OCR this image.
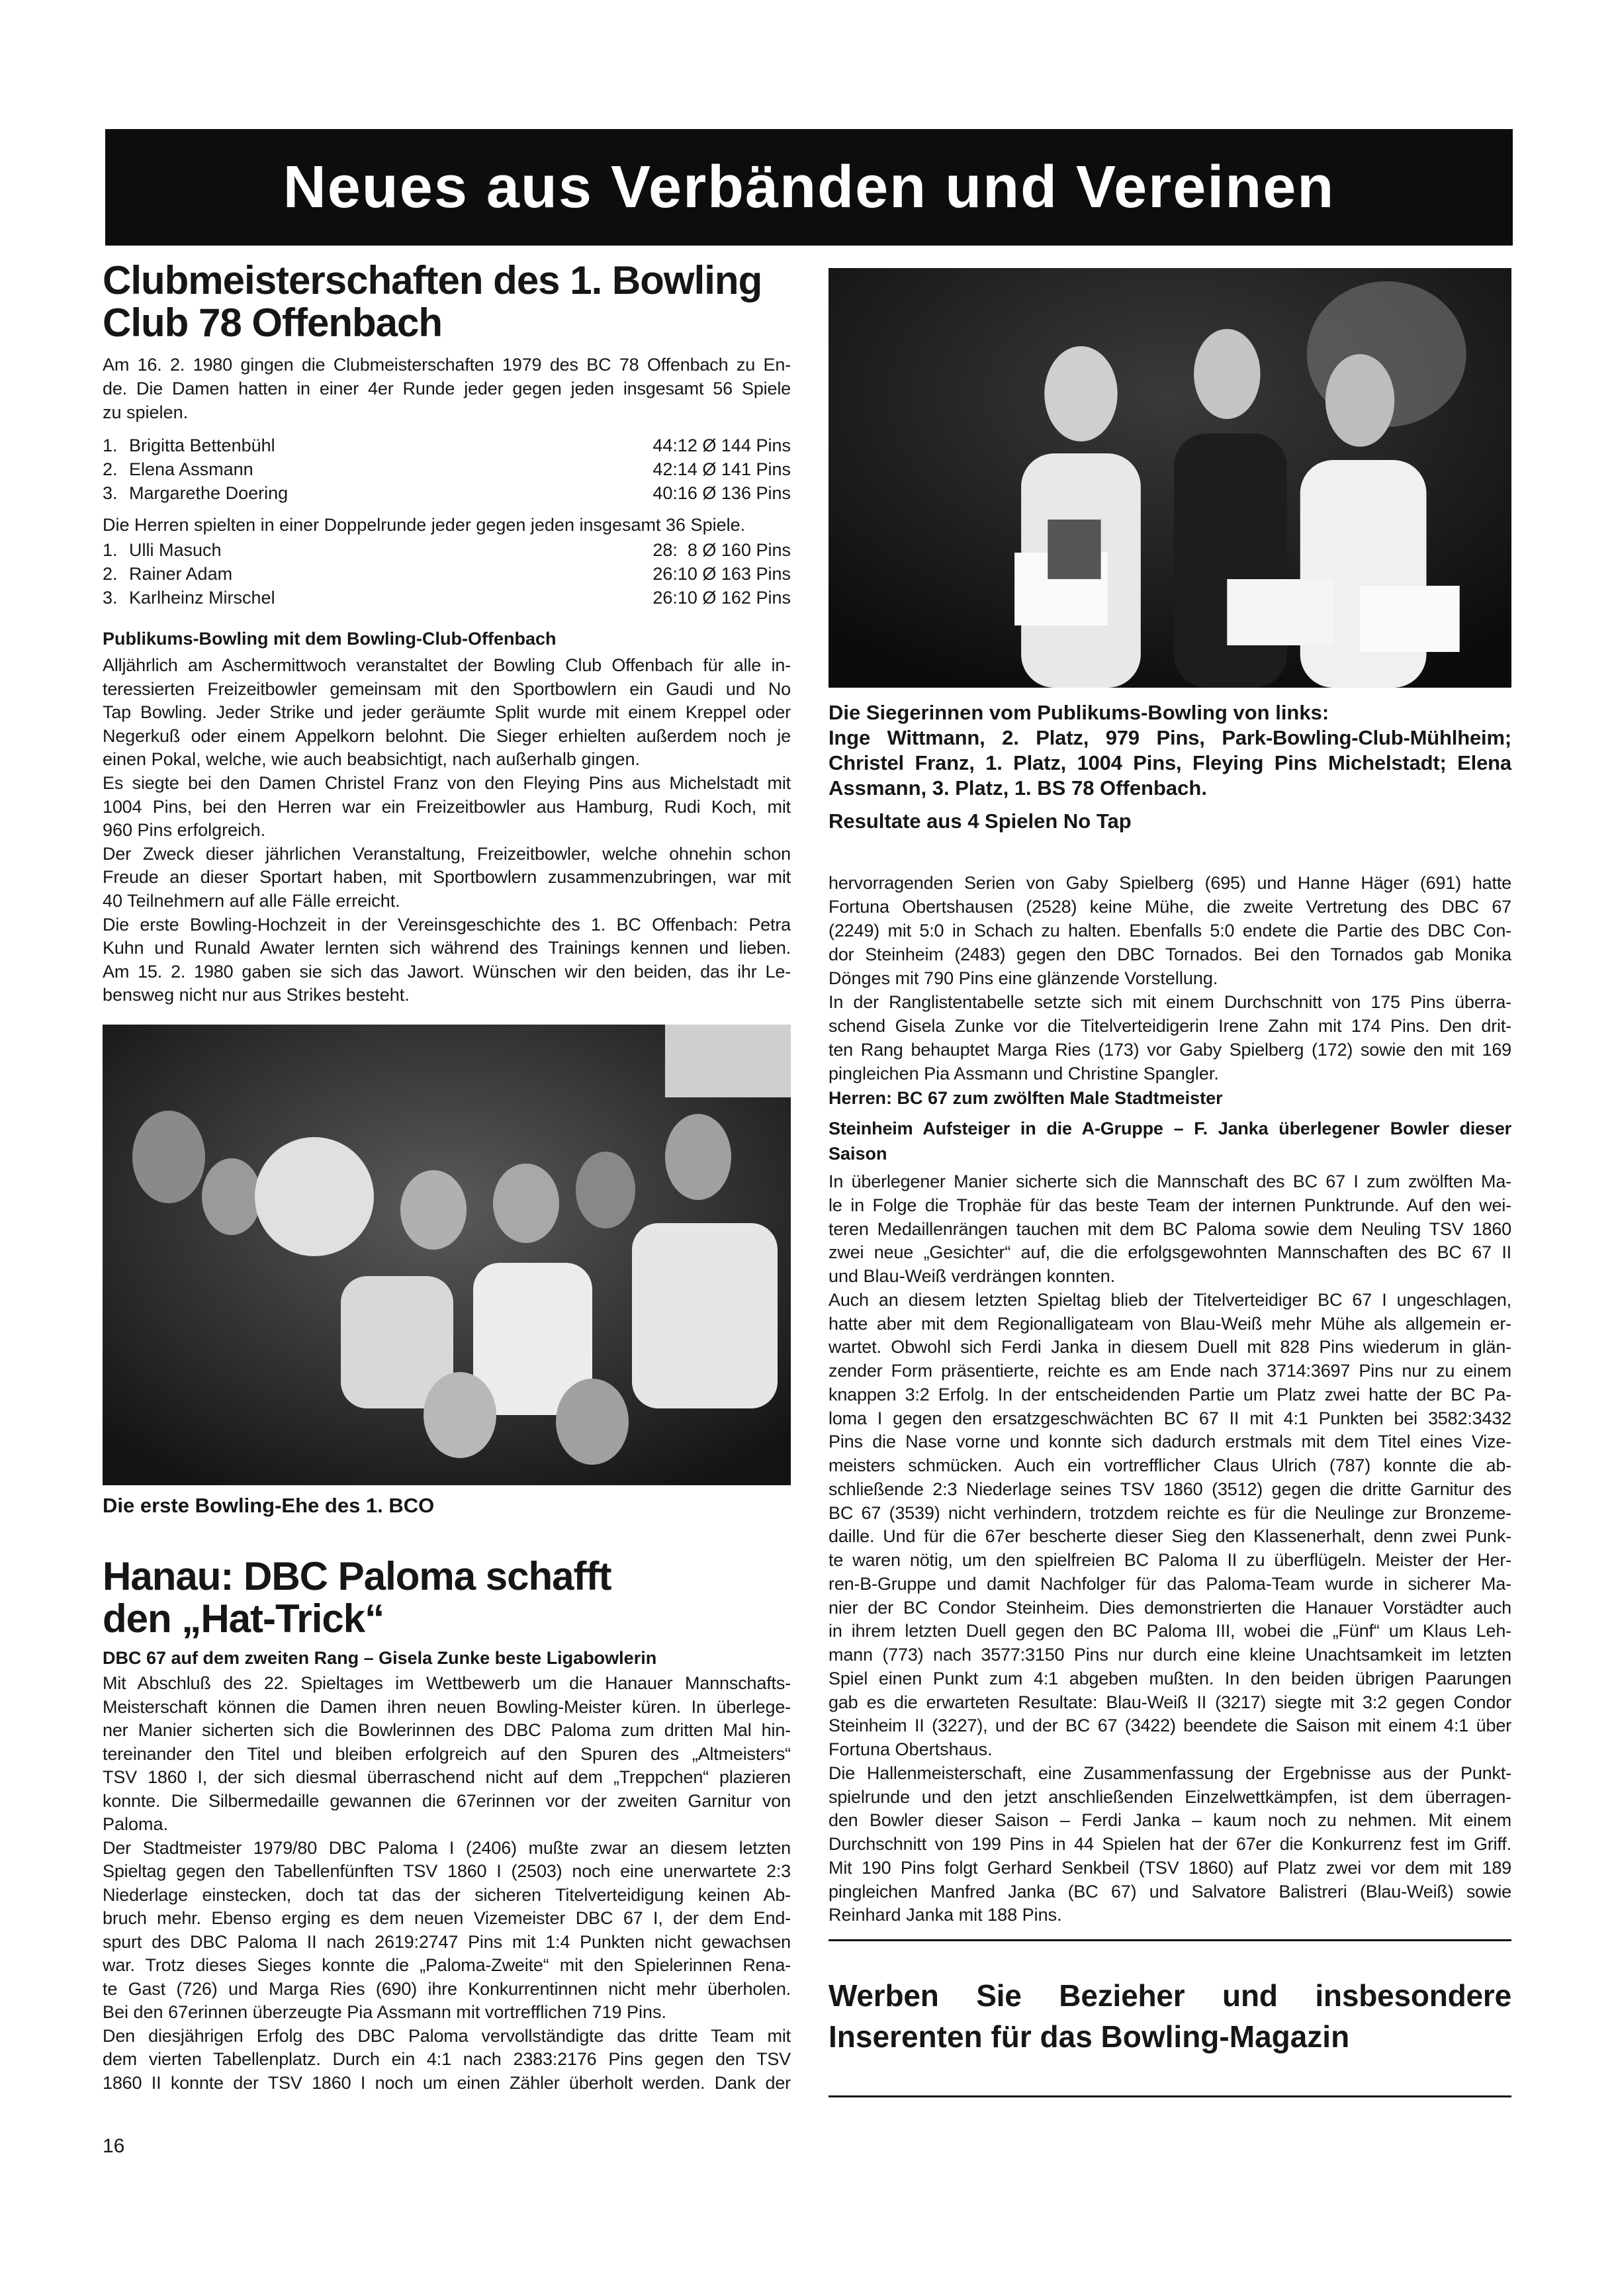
Neues aus Verbänden und Vereinen
Clubmeisterschaften des 1. Bowling
Club 78 Offenbach
Am 16. 2. 1980 gingen die Clubmeisterschaften 1979 des BC 78 Offenbach zu En-
de. Die Damen hatten in einer 4er Runde jeder gegen jeden insgesamt 56 Spiele
zu spielen.
1. Brigitta Bettenbühl	44:12 Ø 144 Pins
2. Elena Assmann	42:14 Ø 141 Pins
3. Margarethe Doering	40:16 Ø 136 Pins
Die Herren spielten in einer Doppelrunde jeder gegen jeden insgesamt 36 Spiele.
1. Ulli Masuch	28:  8 Ø 160 Pins
2. Rainer Adam	26:10 Ø 163 Pins
3. Karlheinz Mirschel	26:10 Ø 162 Pins
Publikums-Bowling mit dem Bowling-Club-Offenbach
Alljährlich am Aschermittwoch veranstaltet der Bowling Club Offenbach für alle in-
teressierten Freizeitbowler gemeinsam mit den Sportbowlern ein Gaudi und No
Tap Bowling. Jeder Strike und jeder geräumte Split wurde mit einem Kreppel oder
Negerkuß oder einem Appelkorn belohnt. Die Sieger erhielten außerdem noch je
einen Pokal, welche, wie auch beabsichtigt, nach außerhalb gingen.
Es siegte bei den Damen Christel Franz von den Fleying Pins aus Michelstadt mit
1004 Pins, bei den Herren war ein Freizeitbowler aus Hamburg, Rudi Koch, mit
960 Pins erfolgreich.
Der Zweck dieser jährlichen Veranstaltung, Freizeitbowler, welche ohnehin schon
Freude an dieser Sportart haben, mit Sportbowlern zusammenzubringen, war mit
40 Teilnehmern auf alle Fälle erreicht.
Die erste Bowling-Hochzeit in der Vereinsgeschichte des 1. BC Offenbach: Petra
Kuhn und Runald Awater lernten sich während des Trainings kennen und lieben.
Am 15. 2. 1980 gaben sie sich das Jawort. Wünschen wir den beiden, das ihr Le-
bensweg nicht nur aus Strikes besteht.
Die erste Bowling-Ehe des 1. BCO
Hanau: DBC Paloma schafft
den „Hat-Trick“
DBC 67 auf dem zweiten Rang – Gisela Zunke beste Ligabowlerin
Mit Abschluß des 22. Spieltages im Wettbewerb um die Hanauer Mannschafts-
Meisterschaft können die Damen ihren neuen Bowling-Meister küren. In überlege-
ner Manier sicherten sich die Bowlerinnen des DBC Paloma zum dritten Mal hin-
tereinander den Titel und bleiben erfolgreich auf den Spuren des „Altmeisters“
TSV 1860 I, der sich diesmal überraschend nicht auf dem „Treppchen“ plazieren
konnte. Die Silbermedaille gewannen die 67erinnen vor der zweiten Garnitur von
Paloma.
Der Stadtmeister 1979/80 DBC Paloma I (2406) mußte zwar an diesem letzten
Spieltag gegen den Tabellenfünften TSV 1860 I (2503) noch eine unerwartete 2:3
Niederlage einstecken, doch tat das der sicheren Titelverteidigung keinen Ab-
bruch mehr. Ebenso erging es dem neuen Vizemeister DBC 67 I, der dem End-
spurt des DBC Paloma II nach 2619:2747 Pins mit 1:4 Punkten nicht gewachsen
war. Trotz dieses Sieges konnte die „Paloma-Zweite“ mit den Spielerinnen Rena-
te Gast (726) und Marga Ries (690) ihre Konkurrentinnen nicht mehr überholen.
Bei den 67erinnen überzeugte Pia Assmann mit vortrefflichen 719 Pins.
Den diesjährigen Erfolg des DBC Paloma vervollständigte das dritte Team mit
dem vierten Tabellenplatz. Durch ein 4:1 nach 2383:2176 Pins gegen den TSV
1860 II konnte der TSV 1860 I noch um einen Zähler überholt werden. Dank der
16
Die Siegerinnen vom Publikums-Bowling von links:
Inge Wittmann, 2. Platz, 979 Pins, Park-Bowling-Club-Mühlheim;
Christel Franz, 1. Platz, 1004 Pins, Fleying Pins Michelstadt; Elena
Assmann, 3. Platz, 1. BS 78 Offenbach.
Resultate aus 4 Spielen No Tap
hervorragenden Serien von Gaby Spielberg (695) und Hanne Häger (691) hatte
Fortuna Obertshausen (2528) keine Mühe, die zweite Vertretung des DBC 67
(2249) mit 5:0 in Schach zu halten. Ebenfalls 5:0 endete die Partie des DBC Con-
dor Steinheim (2483) gegen den DBC Tornados. Bei den Tornados gab Monika
Dönges mit 790 Pins eine glänzende Vorstellung.
In der Ranglistentabelle setzte sich mit einem Durchschnitt von 175 Pins überra-
schend Gisela Zunke vor die Titelverteidigerin Irene Zahn mit 174 Pins. Den drit-
ten Rang behauptet Marga Ries (173) vor Gaby Spielberg (172) sowie den mit 169
pingleichen Pia Assmann und Christine Spangler.
Herren: BC 67 zum zwölften Male Stadtmeister
Steinheim Aufsteiger in die A-Gruppe – F. Janka überlegener Bowler dieser
Saison
In überlegener Manier sicherte sich die Mannschaft des BC 67 I zum zwölften Ma-
le in Folge die Trophäe für das beste Team der internen Punktrunde. Auf den wei-
teren Medaillenrängen tauchen mit dem BC Paloma sowie dem Neuling TSV 1860
zwei neue „Gesichter“ auf, die die erfolgsgewohnten Mannschaften des BC 67 II
und Blau-Weiß verdrängen konnten.
Auch an diesem letzten Spieltag blieb der Titelverteidiger BC 67 I ungeschlagen,
hatte aber mit dem Regionalligateam von Blau-Weiß mehr Mühe als allgemein er-
wartet. Obwohl sich Ferdi Janka in diesem Duell mit 828 Pins wiederum in glän-
zender Form präsentierte, reichte es am Ende nach 3714:3697 Pins nur zu einem
knappen 3:2 Erfolg. In der entscheidenden Partie um Platz zwei hatte der BC Pa-
loma I gegen den ersatzgeschwächten BC 67 II mit 4:1 Punkten bei 3582:3432
Pins die Nase vorne und konnte sich dadurch erstmals mit dem Titel eines Vize-
meisters schmücken. Auch ein vortrefflicher Claus Ulrich (787) konnte die ab-
schließende 2:3 Niederlage seines TSV 1860 (3512) gegen die dritte Garnitur des
BC 67 (3539) nicht verhindern, trotzdem reichte es für die Neulinge zur Bronzeme-
daille. Und für die 67er bescherte dieser Sieg den Klassenerhalt, denn zwei Punk-
te waren nötig, um den spielfreien BC Paloma II zu überflügeln. Meister der Her-
ren-B-Gruppe und damit Nachfolger für das Paloma-Team wurde in sicherer Ma-
nier der BC Condor Steinheim. Dies demonstrierten die Hanauer Vorstädter auch
in ihrem letzten Duell gegen den BC Paloma III, wobei die „Fünf“ um Klaus Leh-
mann (773) nach 3577:3150 Pins nur durch eine kleine Unachtsamkeit im letzten
Spiel einen Punkt zum 4:1 abgeben mußten. In den beiden übrigen Paarungen
gab es die erwarteten Resultate: Blau-Weiß II (3217) siegte mit 3:2 gegen Condor
Steinheim II (3227), und der BC 67 (3422) beendete die Saison mit einem 4:1 über
Fortuna Obertshaus.
Die Hallenmeisterschaft, eine Zusammenfassung der Ergebnisse aus der Punkt-
spielrunde und den jetzt anschließenden Einzelwettkämpfen, ist dem überragen-
den Bowler dieser Saison – Ferdi Janka – kaum noch zu nehmen. Mit einem
Durchschnitt von 199 Pins in 44 Spielen hat der 67er die Konkurrenz fest im Griff.
Mit 190 Pins folgt Gerhard Senkbeil (TSV 1860) auf Platz zwei vor dem mit 189
pingleichen Manfred Janka (BC 67) und Salvatore Balistreri (Blau-Weiß) sowie
Reinhard Janka mit 188 Pins.
Werben Sie Bezieher und insbesondere
Inserenten für das Bowling-Magazin
